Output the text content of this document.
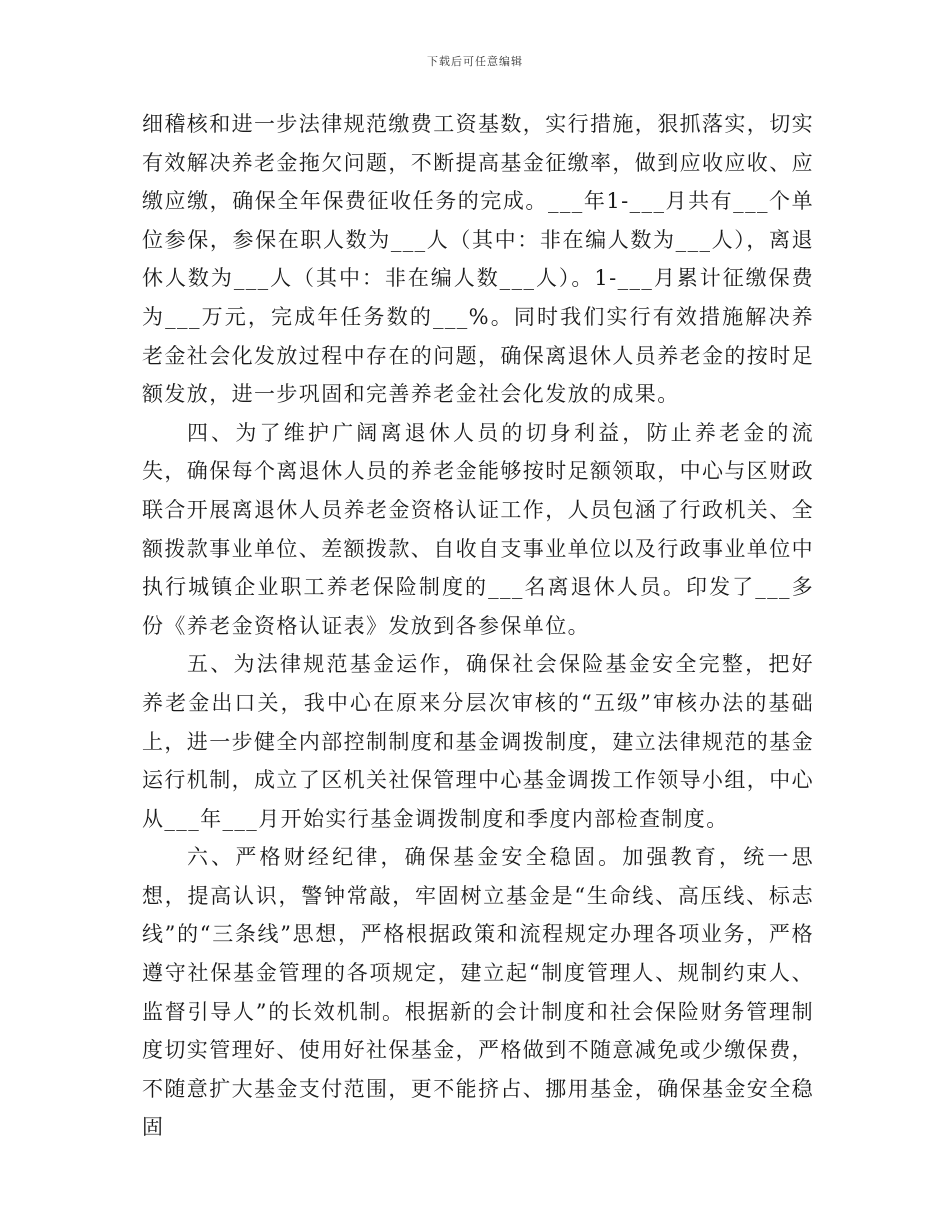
下载后可任意编辑

细稽核和进一步法律规范缴费工资基数，实行措施，狠抓落实，切实有效解决养老金拖欠问题，不断提高基金征缴率，做到应收应收、应缴应缴，确保全年保费征收任务的完成。___年1-___月共有___个单位参保，参保在职人数为___人（其中：非在编人数为___人），离退休人数为___人（其中：非在编人数___人）。1-___月累计征缴保费为___万元，完成年任务数的___%。同时我们实行有效措施解决养老金社会化发放过程中存在的问题，确保离退休人员养老金的按时足额发放，进一步巩固和完善养老金社会化发放的成果。

四、为了维护广阔离退休人员的切身利益，防止养老金的流失，确保每个离退休人员的养老金能够按时足额领取，中心与区财政联合开展离退休人员养老金资格认证工作，人员包涵了行政机关、全额拨款事业单位、差额拨款、自收自支事业单位以及行政事业单位中执行城镇企业职工养老保险制度的___名离退休人员。印发了___多份《养老金资格认证表》发放到各参保单位。

五、为法律规范基金运作，确保社会保险基金安全完整，把好养老金出口关，我中心在原来分层次审核的“五级”审核办法的基础上，进一步健全内部控制制度和基金调拨制度，建立法律规范的基金运行机制，成立了区机关社保管理中心基金调拨工作领导小组，中心从___年___月开始实行基金调拨制度和季度内部检查制度。

六、严格财经纪律，确保基金安全稳固。加强教育，统一思想，提高认识，警钟常敲，牢固树立基金是“生命线、高压线、标志线”的“三条线”思想，严格根据政策和流程规定办理各项业务，严格遵守社保基金管理的各项规定，建立起“制度管理人、规制约束人、监督引导人”的长效机制。根据新的会计制度和社会保险财务管理制度切实管理好、使用好社保基金，严格做到不随意减免或少缴保费，不随意扩大基金支付范围，更不能挤占、挪用基金，确保基金安全稳固
